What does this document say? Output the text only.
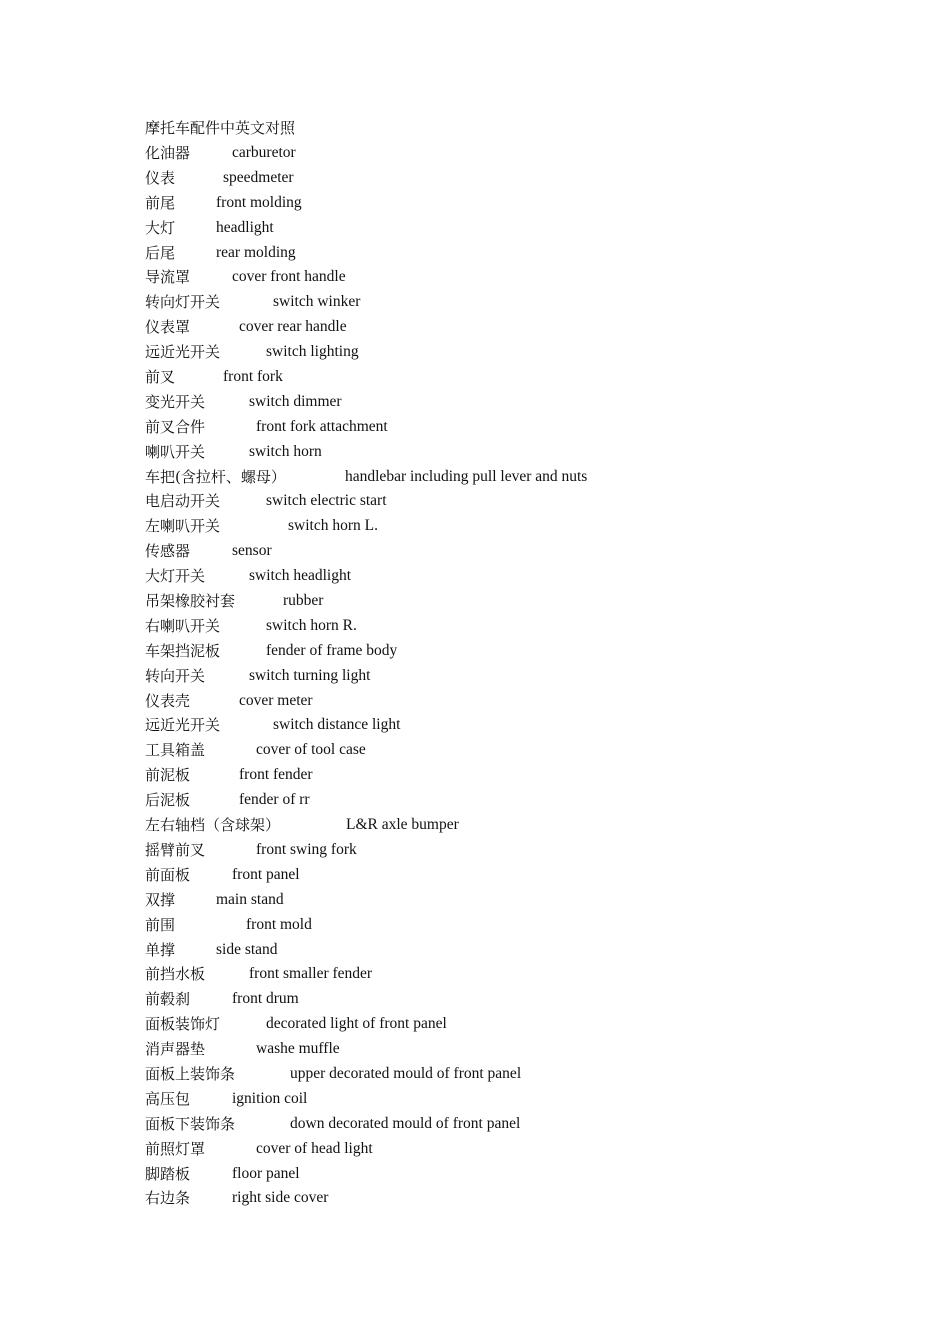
摩托车配件中英文对照
化油器	carburetor
仪表	speedmeter
前尾	front molding
大灯	headlight
后尾	rear molding
导流罩	cover front handle
转向灯开关	switch winker
仪表罩	cover rear handle
远近光开关	switch lighting
前叉	front fork
变光开关	switch dimmer
前叉合件	front fork attachment
喇叭开关	switch horn
车把(含拉杆、螺母）	handlebar including pull lever and nuts
电启动开关	switch electric start
左喇叭开关	switch horn L.
传感器	sensor
大灯开关	switch headlight
吊架橡胶衬套	rubber
右喇叭开关	switch horn R.
车架挡泥板	fender of frame body
转向开关	switch turning light
仪表壳	cover meter
远近光开关	switch distance light
工具箱盖	cover of tool case
前泥板	front fender
后泥板	fender of rr
左右轴档（含球架）	L&R axle bumper
摇臂前叉	front swing fork
前面板	front panel
双撑	main stand
前围	front mold
单撑	side stand
前挡水板	front smaller fender
前毂刹	front drum
面板装饰灯	decorated light of front panel
消声器垫	washe muffle
面板上装饰条	upper decorated mould of front panel
高压包	ignition coil
面板下装饰条	down decorated mould of front panel
前照灯罩	cover of head light
脚踏板	floor panel
右边条	right side cover
